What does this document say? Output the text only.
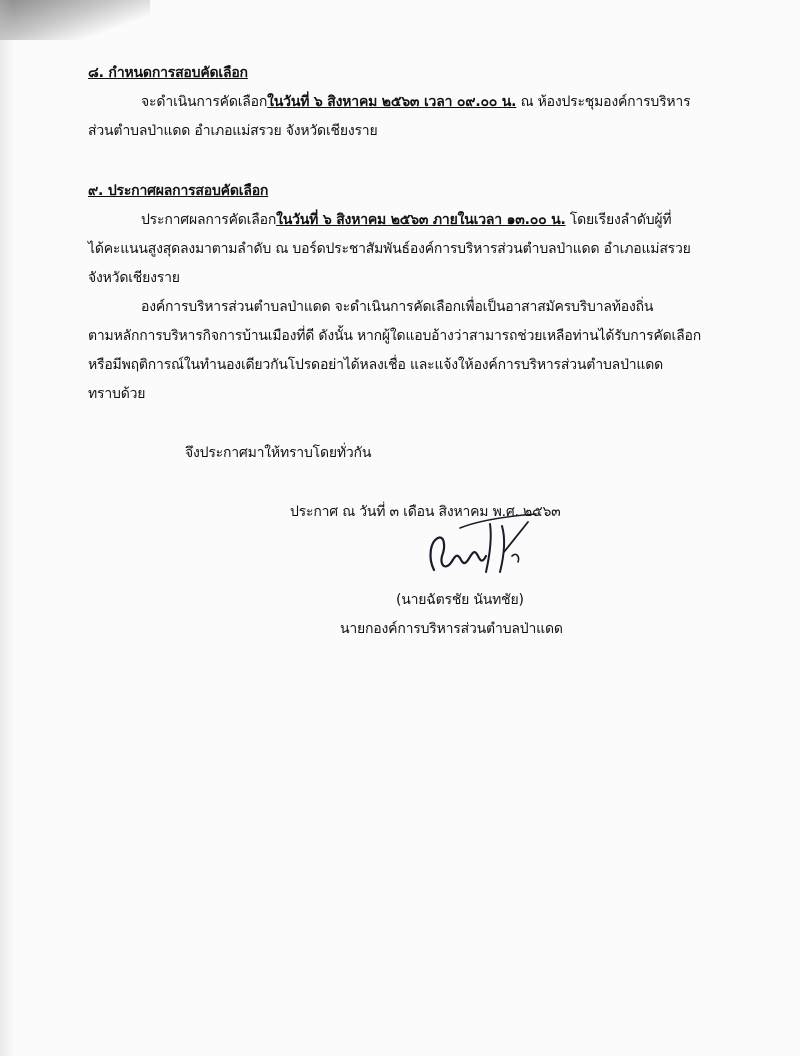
๘. กำหนดการสอบคัดเลือก
จะดำเนินการคัดเลือกในวันที่ ๖ สิงหาคม ๒๕๖๓ เวลา ๐๙.๐๐ น. ณ ห้องประชุมองค์การบริหาร
ส่วนตำบลป่าแดด อำเภอแม่สรวย จังหวัดเชียงราย
๙. ประกาศผลการสอบคัดเลือก
ประกาศผลการคัดเลือกในวันที่ ๖ สิงหาคม ๒๕๖๓ ภายในเวลา ๑๓.๐๐ น. โดยเรียงลำดับผู้ที่
ได้คะแนนสูงสุดลงมาตามลำดับ ณ บอร์ดประชาสัมพันธ์องค์การบริหารส่วนตำบลป่าแดด อำเภอแม่สรวย
จังหวัดเชียงราย
องค์การบริหารส่วนตำบลป่าแดด จะดำเนินการคัดเลือกเพื่อเป็นอาสาสมัครบริบาลท้องถิ่น
ตามหลักการบริหารกิจการบ้านเมืองที่ดี ดังนั้น หากผู้ใดแอบอ้างว่าสามารถช่วยเหลือท่านได้รับการคัดเลือก
หรือมีพฤติการณ์ในทำนองเดียวกันโปรดอย่าได้หลงเชื่อ และแจ้งให้องค์การบริหารส่วนตำบลป่าแดด
ทราบด้วย
จึงประกาศมาให้ทราบโดยทั่วกัน
ประกาศ ณ วันที่ ๓ เดือน สิงหาคม พ.ศ. ๒๕๖๓
(นายฉัตรชัย นันทชัย)
นายกองค์การบริหารส่วนตำบลป่าแดด
